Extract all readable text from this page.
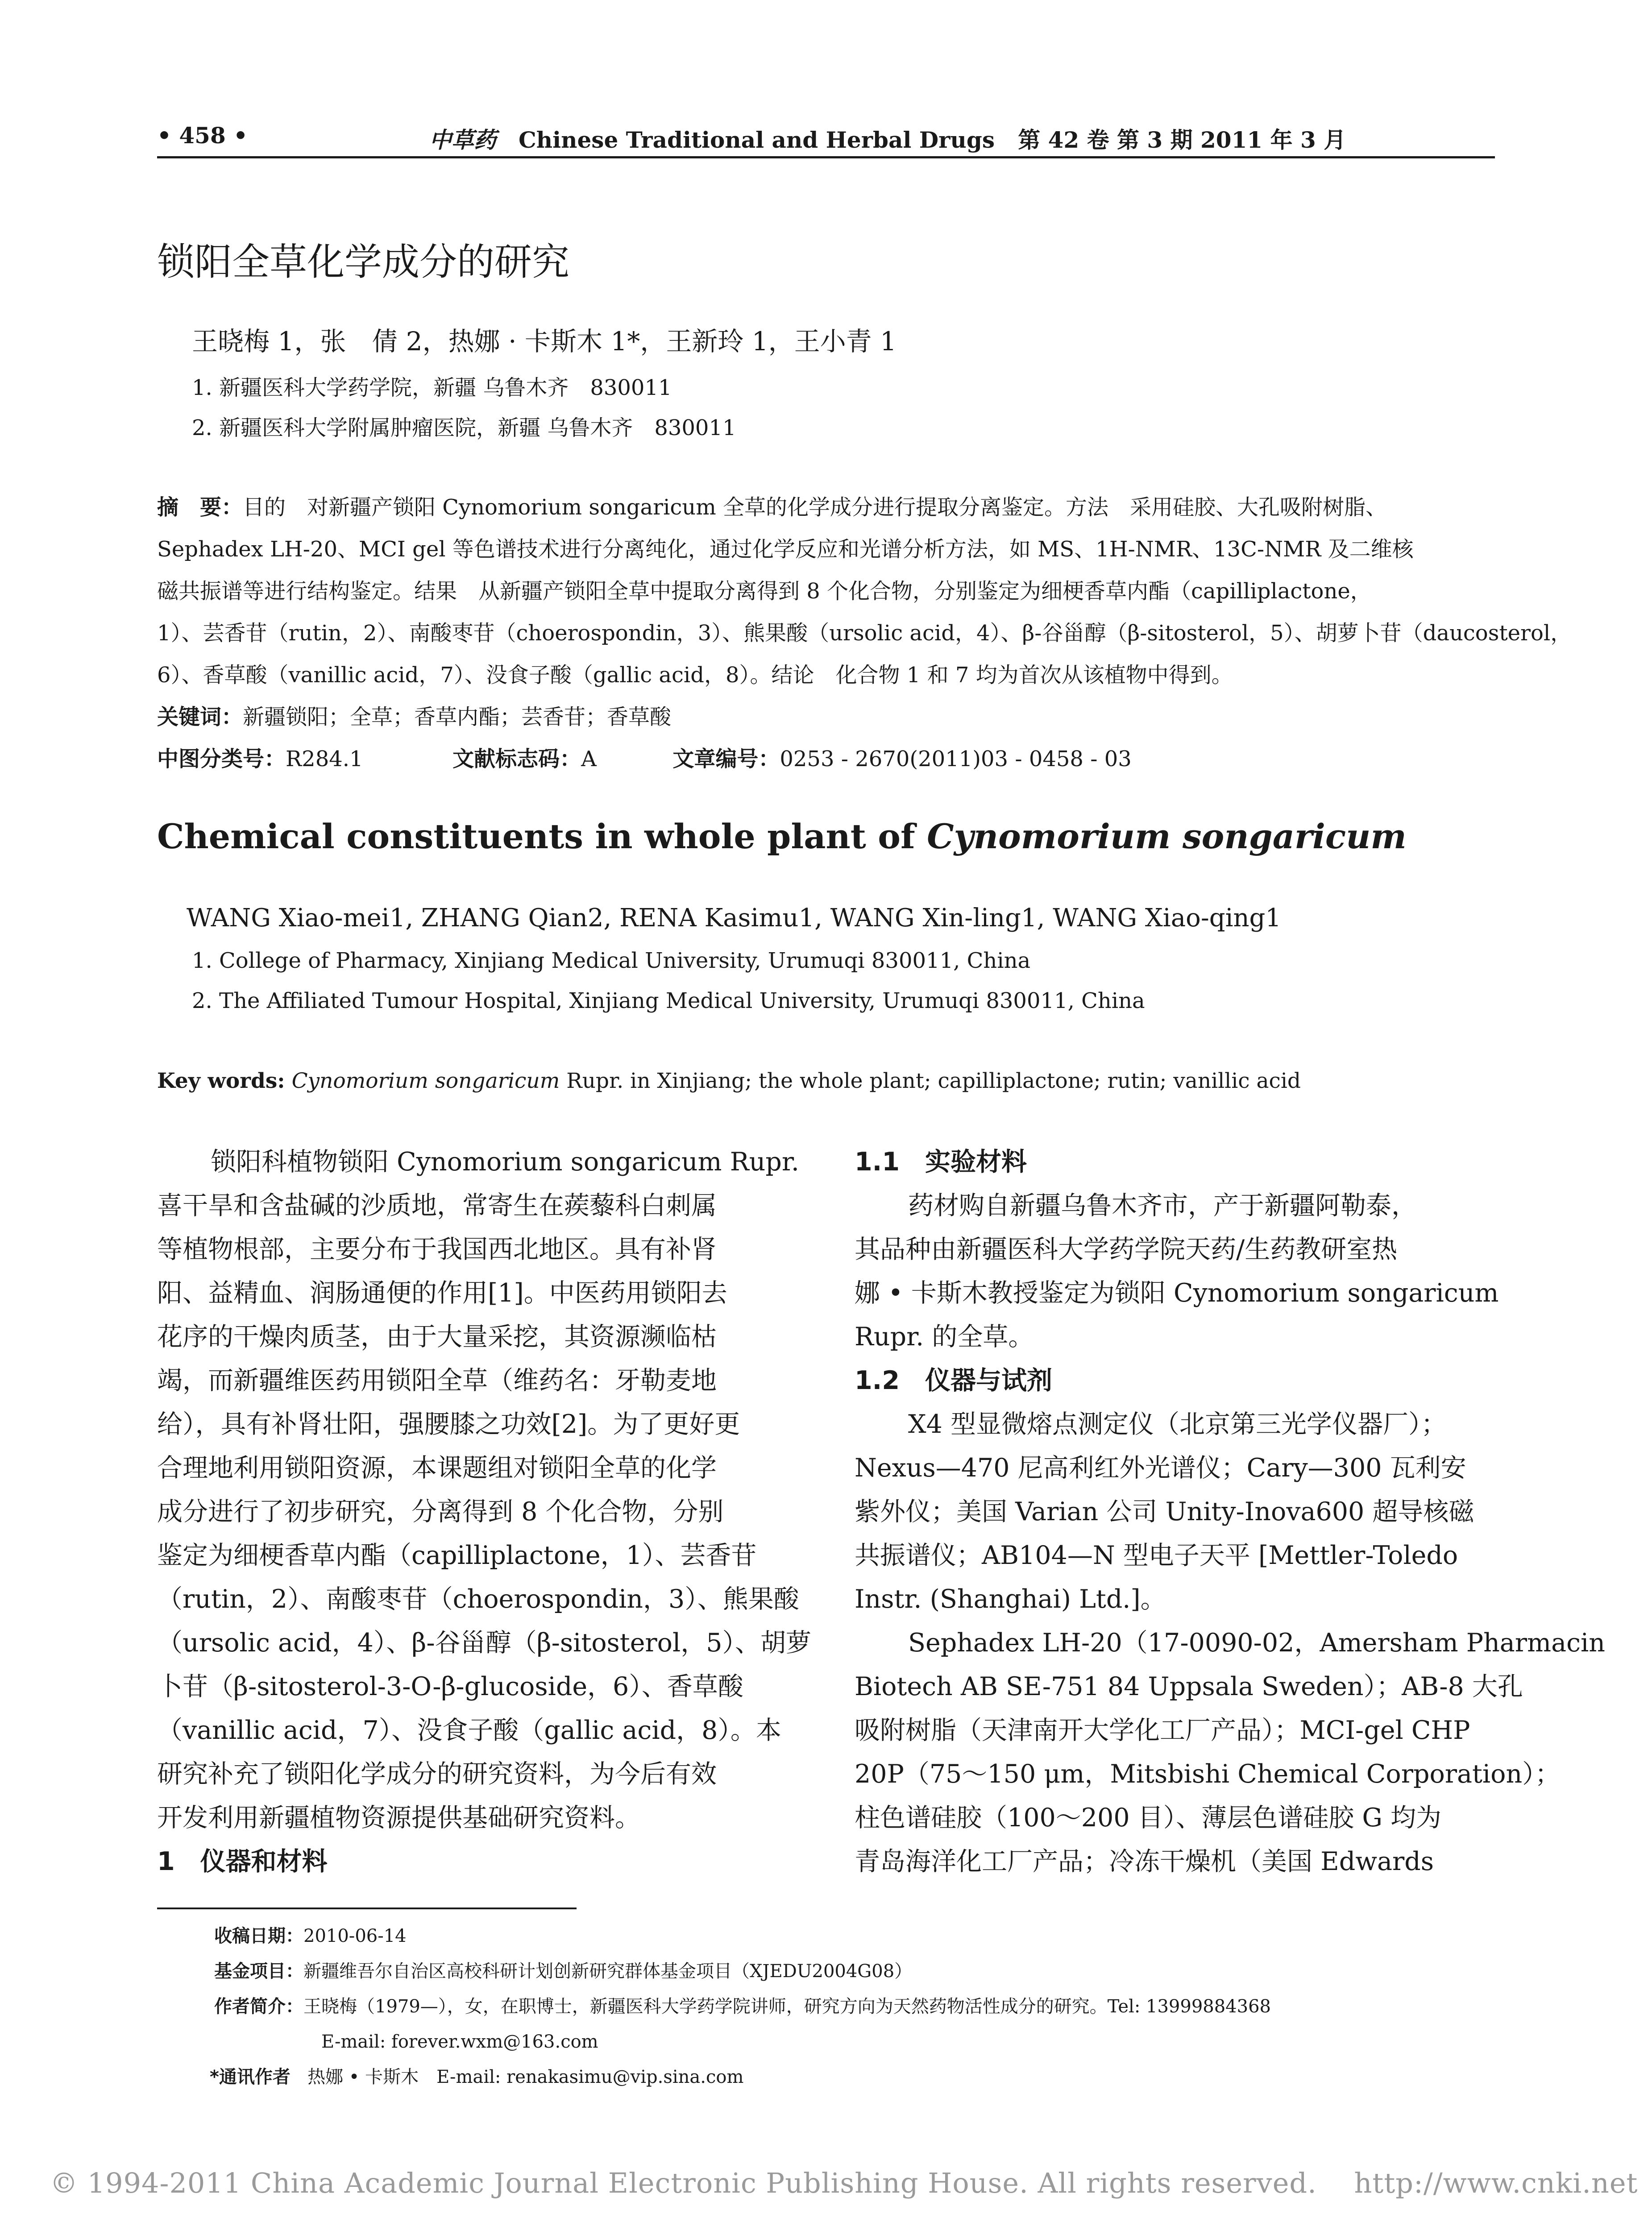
• 458 •	中草药 Chinese Traditional and Herbal Drugs 第 42 卷 第 3 期 2011 年 3 月
锁阳全草化学成分的研究
王晓梅 1，张　倩 2，热娜 · 卡斯木 1*，王新玲 1，王小青 1
1. 新疆医科大学药学院，新疆 乌鲁木齐　830011
2. 新疆医科大学附属肿瘤医院，新疆 乌鲁木齐　830011
摘　要：目的　对新疆产锁阳 Cynomorium songaricum 全草的化学成分进行提取分离鉴定。方法　采用硅胶、大孔吸附树脂、
Sephadex LH-20、MCI gel 等色谱技术进行分离纯化，通过化学反应和光谱分析方法，如 MS、1H-NMR、13C-NMR 及二维核
磁共振谱等进行结构鉴定。结果　从新疆产锁阳全草中提取分离得到 8 个化合物，分别鉴定为细梗香草内酯（capilliplactone，
1）、芸香苷（rutin，2）、南酸枣苷（choerospondin，3）、熊果酸（ursolic acid，4）、β-谷甾醇（β-sitosterol，5）、胡萝卜苷（daucosterol，
6）、香草酸（vanillic acid，7）、没食子酸（gallic acid，8）。结论　化合物 1 和 7 均为首次从该植物中得到。
关键词：新疆锁阳；全草；香草内酯；芸香苷；香草酸
中图分类号：R284.1	文献标志码：A	文章编号：0253 - 2670(2011)03 - 0458 - 03
Chemical constituents in whole plant of Cynomorium songaricum
WANG Xiao-mei1, ZHANG Qian2, RENA Kasimu1, WANG Xin-ling1, WANG Xiao-qing1
1. College of Pharmacy, Xinjiang Medical University, Urumuqi 830011, China
2. The Affiliated Tumour Hospital, Xinjiang Medical University, Urumuqi 830011, China
Key words: Cynomorium songaricum Rupr. in Xinjiang; the whole plant; capilliplactone; rutin; vanillic acid
锁阳科植物锁阳 Cynomorium songaricum Rupr.
喜干旱和含盐碱的沙质地，常寄生在蒺藜科白刺属
等植物根部，主要分布于我国西北地区。具有补肾
阳、益精血、润肠通便的作用[1]。中医药用锁阳去
花序的干燥肉质茎，由于大量采挖，其资源濒临枯
竭，而新疆维医药用锁阳全草（维药名：牙勒麦地
给），具有补肾壮阳，强腰膝之功效[2]。为了更好更
合理地利用锁阳资源，本课题组对锁阳全草的化学
成分进行了初步研究，分离得到 8 个化合物，分别
鉴定为细梗香草内酯（capilliplactone，1）、芸香苷
（rutin，2）、南酸枣苷（choerospondin，3）、熊果酸
（ursolic acid，4）、β-谷甾醇（β-sitosterol，5）、胡萝
卜苷（β-sitosterol-3-O-β-glucoside，6）、香草酸
（vanillic acid，7）、没食子酸（gallic acid，8）。本
研究补充了锁阳化学成分的研究资料，为今后有效
开发利用新疆植物资源提供基础研究资料。
1　仪器和材料
1.1　实验材料
药材购自新疆乌鲁木齐市，产于新疆阿勒泰，
其品种由新疆医科大学药学院天药/生药教研室热
娜 • 卡斯木教授鉴定为锁阳 Cynomorium songaricum
Rupr. 的全草。
1.2　仪器与试剂
X4 型显微熔点测定仪（北京第三光学仪器厂）；
Nexus—470 尼高利红外光谱仪；Cary—300 瓦利安
紫外仪；美国 Varian 公司 Unity-Inova600 超导核磁
共振谱仪；AB104—N 型电子天平 [Mettler-Toledo
Instr. (Shanghai) Ltd.]。
Sephadex LH-20（17-0090-02，Amersham Pharmacin
Biotech AB SE-751 84 Uppsala Sweden）；AB-8 大孔
吸附树脂（天津南开大学化工厂产品）；MCI-gel CHP
20P（75～150 μm，Mitsbishi Chemical Corporation）；
柱色谱硅胶（100～200 目）、薄层色谱硅胶 G 均为
青岛海洋化工厂产品；冷冻干燥机（美国 Edwards
收稿日期：2010-06-14
基金项目：新疆维吾尔自治区高校科研计划创新研究群体基金项目（XJEDU2004G08）
作者简介：王晓梅（1979—），女，在职博士，新疆医科大学药学院讲师，研究方向为天然药物活性成分的研究。Tel: 13999884368
E-mail: forever.wxm@163.com
*通讯作者 热娜 • 卡斯木　E-mail: renakasimu@vip.sina.com
© 1994-2011 China Academic Journal Electronic Publishing House. All rights reserved.　 http://www.cnki.net
